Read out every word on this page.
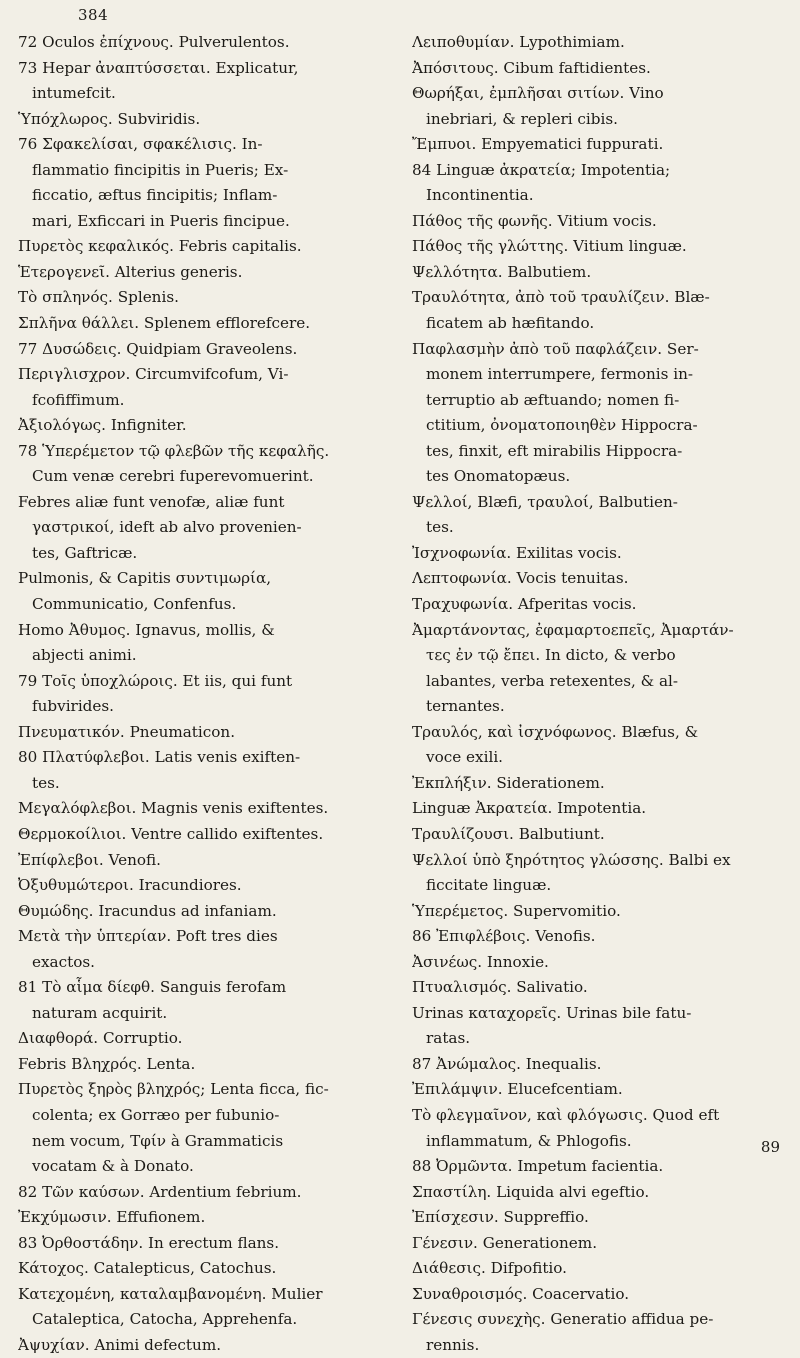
384
72 Oculos ἐπίχνους. Pulverulentos.
73 Hepar ἀναπτύσσεται. Explicatur,
intumefcit.
Ὑπόχλωρος. Subviridis.
76 Σφακελίσαι, σφακέλισις. In-
flammatio fincipitis in Pueris; Ex-
ficcatio, æftus fincipitis; Inflam-
mari, Exficcari in Pueris fincipue.
Πυρετὸς κεφαλικός. Febris capitalis.
Ἑτερογενεῖ. Alterius generis.
Τὸ σπληνός. Splenis.
Σπλῆνα θάλλει. Splenem efflorefcere.
77 Δυσώδεις. Quidpiam Graveolens.
Περιγλισχρον. Circumvifcofum, Vi-
fcofiffimum.
Ἀξιολόγως. Infigniter.
78 Ὑπερέμετον τῷ φλεβῶν τῆς κεφαλῆς.
Cum venæ cerebri fuperevomuerint.
Febres aliæ funt venofæ, aliæ funt
γαστρικοί, ideft ab alvo provenien-
tes, Gaftricæ.
Pulmonis, & Capitis συντιμωρία,
Communicatio, Confenfus.
Homo Ἀθυμος. Ignavus, mollis, &
abjecti animi.
79 Τοῖς ὑποχλώροις. Et iis, qui funt
fubvirides.
Πνευματικόν. Pneumaticon.
80 Πλατύφλεβοι. Latis venis exiften-
tes.
Μεγαλόφλεβοι. Magnis venis exiftentes.
Θερμοκοίλιοι. Ventre callido exiftentes.
Ἐπίφλεβοι. Venofi.
Ὀξυθυμώτεροι. Iracundiores.
Θυμώδης. Iracundus ad infaniam.
Μετὰ τὴν ὑπτερίαν. Poft tres dies
exactos.
81 Τὸ αἷμα δίεφθ. Sanguis ferofam
naturam acquirit.
Διαφθορά. Corruptio.
Febris Βληχρός. Lenta.
Πυρετὸς ξηρὸς βληχρός; Lenta ficca, fic-
colenta; ex Gorræo per fubunio-
nem vocum, Τφίν à Grammaticis
vocatam & à Donato.
82 Τῶν καύσων. Ardentium febrium.
Ἐκχύμωσιν. Effufionem.
83 Ὀρθοστάδην. In erectum flans.
Κάτοχος. Catalepticus, Catochus.
Κατεχομένη, καταλαμβανομένη. Mulier
Cataleptica, Catocha, Apprehenfa.
Ἀψυχίαν. Animi defectum.
Λειποθυμίαν. Lypothimiam.
Ἀπόσιτους. Cibum faftidientes.
Θωρήξαι, ἐμπλῆσαι σιτίων. Vino
inebriari, & repleri cibis.
Ἔμπυοι. Empyematici fuppurati.
84 Linguæ ἀκρατεία; Impotentia;
Incontinentia.
Πάθος τῆς φωνῆς. Vitium vocis.
Πάθος τῆς γλώττης. Vitium linguæ.
Ψελλότητα. Balbutiem.
Τραυλότητα, ἀπὸ τοῦ τραυλίζειν. Blæ-
ficatem ab hæfitando.
Παφλασμὴν ἀπὸ τοῦ παφλάζειν. Ser-
monem interrumpere, fermonis in-
terruptio ab æftuando; nomen fi-
ctitium, ὀνοματοποιηθὲν Hippocra-
tes, finxit, eft mirabilis Hippocra-
tes Onomatopæus.
Ψελλοί, Blæfi, τραυλοί, Balbutien-
tes.
Ἰσχνοφωνία. Exilitas vocis.
Λεπτοφωνία. Vocis tenuitas.
Τραχυφωνία. Afperitas vocis.
Ἀμαρτάνοντας, ἐφαμαρτοεπεῖς, Ἀμαρτάν-
τες ἐν τῷ ἔπει. In dicto, & verbo
labantes, verba retexentes, & al-
ternantes.
Τραυλός, καὶ ἰσχνόφωνος. Blæfus, &
voce exili.
Ἐκπλήξιν. Siderationem.
Linguæ Ἀκρατεία. Impotentia.
Τραυλίζουσι. Balbutiunt.
Ψελλοί ὑπὸ ξηρότητος γλώσσης. Balbi ex
ficcitate linguæ.
Ὑπερέμετος. Supervomitio.
86 Ἐπιφλέβοις. Venofis.
Ἀσινέως. Innoxie.
Πτυαλισμός. Salivatio.
Urinas καταχορεῖς. Urinas bile fatu-
ratas.
87 Ἀνώμαλος. Inequalis.
Ἐπιλάμψιν. Elucefcentiam.
Τὸ φλεγμαῖνον, καὶ φλόγωσις. Quod eft
inflammatum, & Phlogofis.
88 Ὀρμῶντα. Impetum facientia.
Σπαστίλη. Liquida alvi egeftio.
Ἐπίσχεσιν. Suppreffio.
Γένεσιν. Generationem.
Διάθεσις. Difpofitio.
Συναθροισμός. Coacervatio.
Γένεσις συνεχὴς. Generatio affidua pe-
rennis.
89
